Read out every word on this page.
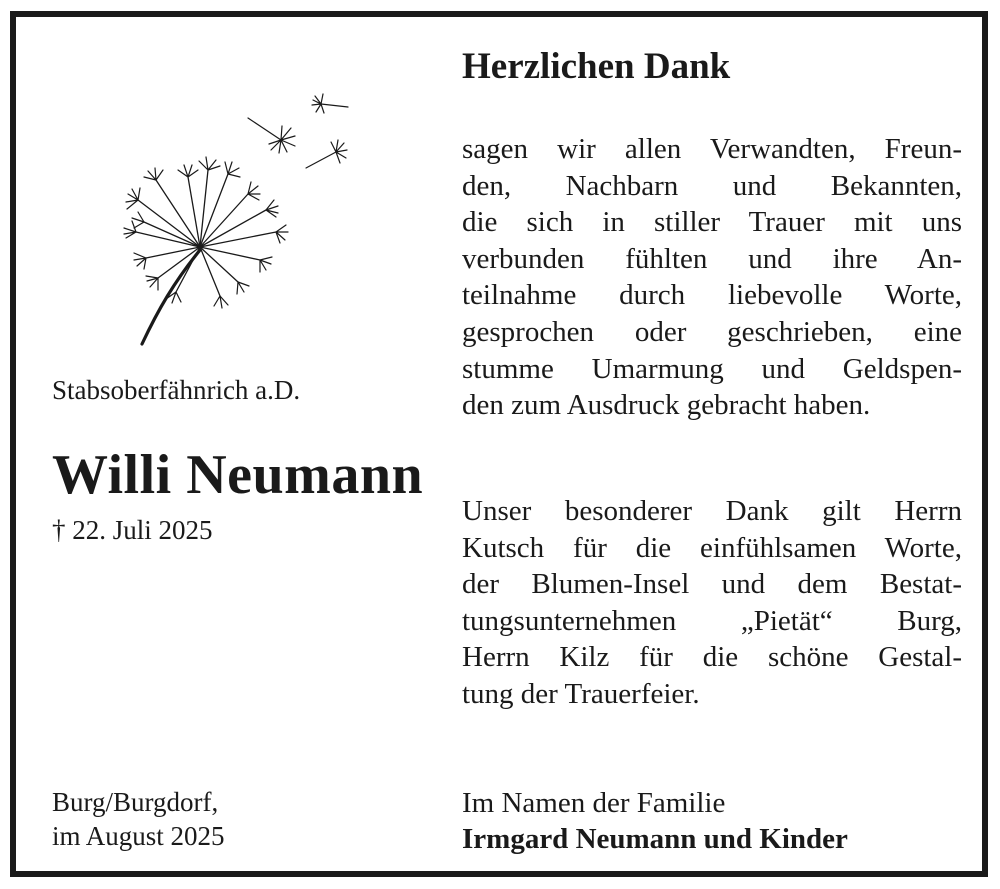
Stabsoberfähnrich a.D.
Willi Neumann
† 22. Juli 2025
Burg/Burgdorf,
im August 2025
Herzlichen Dank
sagen wir allen Verwandten, Freun-
den, Nachbarn und Bekannten,
die sich in stiller Trauer mit uns
verbunden fühlten und ihre An-
teilnahme durch liebevolle Worte,
gesprochen oder geschrieben, eine
stumme Umarmung und Geldspen-
den zum Ausdruck gebracht haben.
Unser besonderer Dank gilt Herrn
Kutsch für die einfühlsamen Worte,
der Blumen-Insel und dem Bestat-
tungsunternehmen „Pietät“ Burg,
Herrn Kilz für die schöne Gestal-
tung der Trauerfeier.
Im Namen der Familie
Irmgard Neumann und Kinder
